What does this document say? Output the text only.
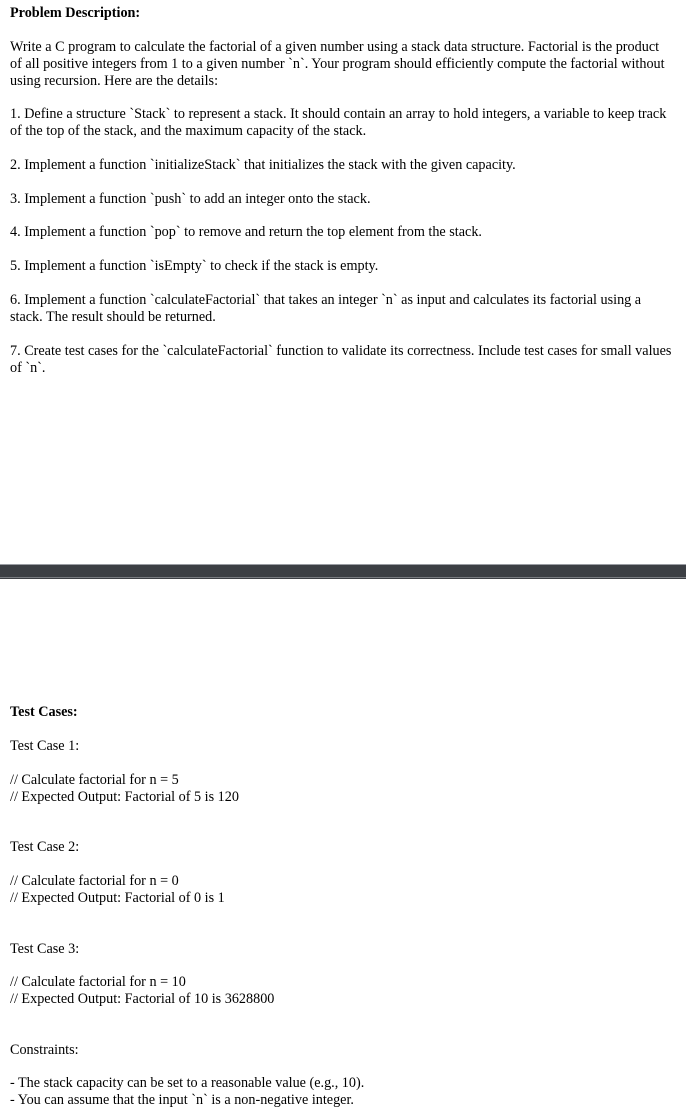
Problem Description:

Write a C program to calculate the factorial of a given number using a stack data structure. Factorial is the product of all positive integers from 1 to a given number `n`. Your program should efficiently compute the factorial without using recursion. Here are the details:

1. Define a structure `Stack` to represent a stack. It should contain an array to hold integers, a variable to keep track of the top of the stack, and the maximum capacity of the stack.

2. Implement a function `initializeStack` that initializes the stack with the given capacity.

3. Implement a function `push` to add an integer onto the stack.

4. Implement a function `pop` to remove and return the top element from the stack.

5. Implement a function `isEmpty` to check if the stack is empty.

6. Implement a function `calculateFactorial` that takes an integer `n` as input and calculates its factorial using a stack. The result should be returned.

7. Create test cases for the `calculateFactorial` function to validate its correctness. Include test cases for small values of `n`.

Test Cases:

Test Case 1:

// Calculate factorial for n = 5

// Expected Output: Factorial of 5 is 120

Test Case 2:

// Calculate factorial for n = 0

// Expected Output: Factorial of 0 is 1

Test Case 3:

// Calculate factorial for n = 10

// Expected Output: Factorial of 10 is 3628800

Constraints:

- The stack capacity can be set to a reasonable value (e.g., 10).

- You can assume that the input `n` is a non-negative integer.
